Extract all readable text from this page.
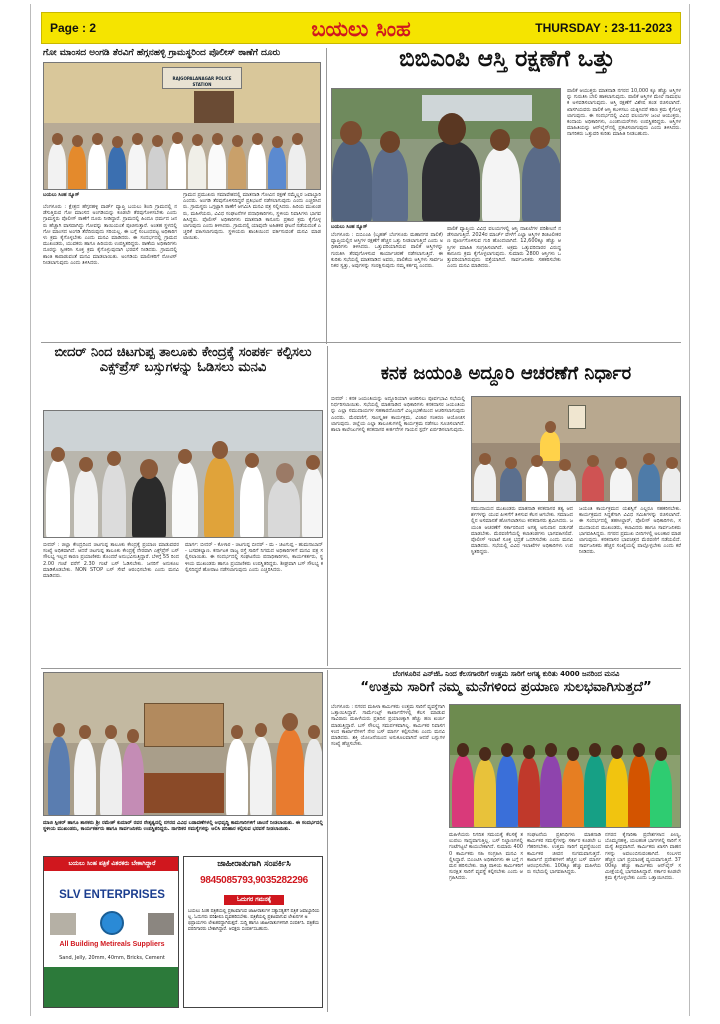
Page : 2	ಬಯಲು ಸಿಂಹ	THURSDAY : 23-11-2023
ಗೋ ಮಾಂಸದ ಅಂಗಡಿ ತೆರವಿಗೆ ಹೆಗ್ಗನಹಳ್ಳಿ ಗ್ರಾಮಸ್ಥರಿಂದ ಪೊಲೀಸ್ ಠಾಣೆಗೆ ದೂರು
RAJGOPALANAGAR POLICE STATION
ಬಯಲು ಸಿಂಹ ನ್ಯೂಸ್
ಬೆಂಗಳೂರು : ಕ್ಷೇತ್ರದ ಹೆಗ್ಗನಹಳ್ಳಿ ವಾರ್ಡ್ ವ್ಯಾಪ್ತಿ ಬಯಲು ಶಿಂದಿ ಗ್ರಾಮದಲ್ಲಿ ನಡೆಸುತ್ತಿರುವ ಗೋ ಮಾಂಸದ ಅಂಗಡಿಯನ್ನು ಕೂಡಲೇ ತೆರವುಗೊಳಿಸಬೇಕು ಎಂದು ಗ್ರಾಮಸ್ಥರು ಪೊಲೀಸ್ ಠಾಣೆಗೆ ದೂರು ನೀಡಿದ್ದಾರೆ. ಗ್ರಾಮದಲ್ಲಿ ಹಿಂದೂ ಧರ್ಮದ ಜನರು ಹೆಚ್ಚಾಗಿ ವಾಸವಾಗಿದ್ದು ಗೋವನ್ನು ತಾಯಿಯಂತೆ ಪೂಜಿಸುತ್ತಾರೆ. ಅಂತಹ ಸ್ಥಳದಲ್ಲಿ ಗೋ ಮಾಂಸದ ಅಂಗಡಿ ತೆರೆದಿರುವುದು ಸರಿಯಲ್ಲ. ಈ ಬಗ್ಗೆ ಸಂಬಂಧಪಟ್ಟ ಅಧಿಕಾರಿಗಳು ಕ್ರಮ ಕೈಗೊಳ್ಳಬೇಕು ಎಂದು ಮನವಿ ಮಾಡಿದರು. ಈ ಸಂದರ್ಭದಲ್ಲಿ ಗ್ರಾಮದ ಮುಖಂಡರು, ಯುವಕರು ಹಾಗೂ ಹಿರಿಯರು ಉಪಸ್ಥಿತರಿದ್ದರು. ಠಾಣೆಯ ಅಧಿಕಾರಿಗಳು ದೂರನ್ನು ಸ್ವೀಕರಿಸಿ ಸೂಕ್ತ ಕ್ರಮ ಕೈಗೊಳ್ಳುವುದಾಗಿ ಭರವಸೆ ನೀಡಿದರು. ಗ್ರಾಮದಲ್ಲಿ ಶಾಂತಿ ಕಾಪಾಡುವಂತೆ ಮನವಿ ಮಾಡಲಾಯಿತು. ಅಂಗಡಿಯ ಮಾಲೀಕರಿಗೆ ನೋಟಿಸ್ ನೀಡಲಾಗುವುದು ಎಂದು ತಿಳಿಸಿದರು.
ಗ್ರಾಮದ ಪ್ರಮುಖರು ಸಮಾವೇಶದಲ್ಲಿ ಮಾತನಾಡಿ ಗೋವಿನ ರಕ್ಷಣೆ ನಮ್ಮೆಲ್ಲರ ಜವಾಬ್ದಾರಿ ಎಂದರು. ಅಂಗಡಿ ತೆರವುಗೊಳಿಸದಿದ್ದರೆ ಪ್ರತಿಭಟನೆ ನಡೆಸಲಾಗುವುದು ಎಂದು ಎಚ್ಚರಿಸಿದರು. ಗ್ರಾಮಸ್ಥರು ಒಗ್ಗಟ್ಟಾಗಿ ಠಾಣೆಗೆ ಆಗಮಿಸಿ ಮನವಿ ಪತ್ರ ಸಲ್ಲಿಸಿದರು. ಹಿರಿಯ ಮುಖಂಡರು, ಮಹಿಳೆಯರು, ವಿವಿಧ ಸಂಘಟನೆಗಳ ಪದಾಧಿಕಾರಿಗಳು, ಸ್ಥಳೀಯ ನಿವಾಸಿಗಳು ಭಾಗವಹಿಸಿದ್ದರು. ಪೊಲೀಸ್ ಅಧಿಕಾರಿಗಳು ಮಾತನಾಡಿ ಕಾನೂನು ಪ್ರಕಾರ ಕ್ರಮ ಕೈಗೊಳ್ಳಲಾಗುವುದು ಎಂದು ತಿಳಿಸಿದರು. ಗ್ರಾಮದಲ್ಲಿ ಯಾವುದೇ ಅಹಿತಕರ ಘಟನೆ ನಡೆಯದಂತೆ ಎಚ್ಚರಿಕೆ ವಹಿಸಲಾಗುವುದು. ಸ್ಥಳೀಯರು ಶಾಂತಿಯಿಂದ ವರ್ತಿಸುವಂತೆ ಮನವಿ ಮಾಡಲಾಯಿತು.
ಬಿಬಿಎಂಪಿ ಆಸ್ತಿ ರಕ್ಷಣೆಗೆ ಒತ್ತು
ಬಯಲು ಸಿಂಹ ನ್ಯೂಸ್
ಬೆಂಗಳೂರು : ಬಿಬಿಎಂಪಿ (ಬೃಹತ್ ಬೆಂಗಳೂರು ಮಹಾನಗರ ಪಾಲಿಕೆ) ವ್ಯಾಪ್ತಿಯಲ್ಲಿನ ಆಸ್ತಿಗಳ ರಕ್ಷಣೆಗೆ ಹೆಚ್ಚಿನ ಒತ್ತು ನೀಡಲಾಗುತ್ತಿದೆ ಎಂದು ಅಧಿಕಾರಿಗಳು ತಿಳಿಸಿದರು. ಒತ್ತುವರಿಯಾಗಿರುವ ಪಾಲಿಕೆ ಆಸ್ತಿಗಳನ್ನು ಗುರುತಿಸಿ ತೆರವುಗೊಳಿಸುವ ಕಾರ್ಯಾಚರಣೆ ನಡೆಸಲಾಗುತ್ತಿದೆ. ಈ ಕುರಿತು ಸಭೆಯಲ್ಲಿ ಮಾತನಾಡಿದ ಅವರು, ಪಾಲಿಕೆಯ ಆಸ್ತಿಗಳು ಸಾರ್ವಜನಿಕರ ಸ್ವತ್ತು, ಅವುಗಳನ್ನು ಸಂರಕ್ಷಿಸುವುದು ನಮ್ಮ ಕರ್ತವ್ಯ ಎಂದರು.
ಪಾಲಿಕೆ ವ್ಯಾಪ್ತಿಯ ವಿವಿಧ ವಲಯಗಳಲ್ಲಿ ಆಸ್ತಿ ದಾಖಲೆಗಳ ಪರಿಶೀಲನೆ ನಡೆಸಲಾಗುತ್ತಿದೆ. 2024ರ ಮಾರ್ಚ್ ವೇಳೆಗೆ ಎಲ್ಲಾ ಆಸ್ತಿಗಳ ಡಿಜಿಟಲೀಕರಣ ಪೂರ್ಣಗೊಳಿಸುವ ಗುರಿ ಹೊಂದಲಾಗಿದೆ. 12,600ಕ್ಕೂ ಹೆಚ್ಚು ಆಸ್ತಿಗಳ ಮಾಹಿತಿ ಸಂಗ್ರಹಿಸಲಾಗಿದೆ. ಅಕ್ರಮ ಒತ್ತುವರಿದಾರರ ವಿರುದ್ಧ ಕಾನೂನು ಕ್ರಮ ಕೈಗೊಳ್ಳಲಾಗುವುದು. ಸುಮಾರು 2800 ಆಸ್ತಿಗಳು ಒತ್ತುವರಿಯಾಗಿರುವುದು ಪತ್ತೆಯಾಗಿದೆ. ಸಾರ್ವಜನಿಕರು ಸಹಕರಿಸಬೇಕು ಎಂದು ಮನವಿ ಮಾಡಿದರು.
ಪಾಲಿಕೆ ಆಯುಕ್ತರು ಮಾತನಾಡಿ ನಗರದ 10,000 ಕ್ಕೂ ಹೆಚ್ಚು ಆಸ್ತಿಗಳನ್ನು ಗುರುತಿಸಿ ಬೇಲಿ ಹಾಕಲಾಗುವುದು. ಪಾಲಿಕೆ ಆಸ್ತಿಗಳ ಮೇಲೆ ನಾಮಫಲಕ ಅಳವಡಿಸಲಾಗುವುದು. ಆಸ್ತಿ ರಕ್ಷಣೆಗೆ ವಿಶೇಷ ತಂಡ ರಚಿಸಲಾಗಿದೆ. ಖಾಸಗಿಯವರು ಪಾಲಿಕೆ ಆಸ್ತಿ ಕಬಳಿಸಲು ಯತ್ನಿಸಿದರೆ ಕಠಿಣ ಕ್ರಮ ಕೈಗೊಳ್ಳಲಾಗುವುದು. ಈ ಸಂದರ್ಭದಲ್ಲಿ ವಿವಿಧ ವಲಯಗಳ ಜಂಟಿ ಆಯುಕ್ತರು, ಕಂದಾಯ ಅಧಿಕಾರಿಗಳು, ಎಂಜಿನಿಯರ್‌ಗಳು ಉಪಸ್ಥಿತರಿದ್ದರು. ಆಸ್ತಿಗಳ ಮಾಹಿತಿಯನ್ನು ಆನ್‌ಲೈನ್‌ನಲ್ಲಿ ಪ್ರಕಟಿಸಲಾಗುವುದು ಎಂದು ತಿಳಿಸಿದರು. ನಾಗರಿಕರು ಒತ್ತುವರಿ ಕುರಿತು ಮಾಹಿತಿ ನೀಡಬಹುದು.
ಬೀದರ್ ನಿಂದ ಚಿಟಗುಪ್ಪ ತಾಲೂಕು ಕೇಂದ್ರಕ್ಕೆ ಸಂಪರ್ಕ ಕಲ್ಪಿಸಲು ಎಕ್ಸ್‌ಪ್ರೆಸ್ ಬಸ್ಸುಗಳನ್ನು ಓಡಿಸಲು ಮನವಿ
ಬೀದರ್ : ಜಿಲ್ಲಾ ಕೇಂದ್ರದಿಂದ ಚಿಟಗುಪ್ಪ ತಾಲೂಕು ಕೇಂದ್ರಕ್ಕೆ ಪ್ರಯಾಣ ಮಾಡುವವರ ಸಂಖ್ಯೆ ಅಧಿಕವಾಗಿದೆ. ಆದರೆ ಚಿಟಗುಪ್ಪ ತಾಲೂಕು ಕೇಂದ್ರಕ್ಕೆ ನೇರವಾಗಿ ಎಕ್ಸ್‌ಪ್ರೆಸ್ ಬಸ್ ಸೌಲಭ್ಯ ಇಲ್ಲದ ಕಾರಣ ಪ್ರಯಾಣಿಕರು ತೊಂದರೆ ಅನುಭವಿಸುತ್ತಿದ್ದಾರೆ. ಬೆಳಿಗ್ಗೆ 55 ರಿಂದ 2.00 ಗಂಟೆ ವರೆಗೆ 2.30 ಗಂಟೆ ಬಸ್ ಓಡಿಸಬೇಕು. ಜನರಿಗೆ ಅನುಕೂಲ ಮಾಡಿಕೊಡಬೇಕು. NON STOP ಬಸ್ ಸೇವೆ ಆರಂಭಿಸಬೇಕು ಎಂದು ಮನವಿ ಮಾಡಿದರು.
ಮಾರ್ಗ: ಬೀದರ್ - ಕೊಳಾರ - ಚಿಟಗುಪ್ಪ ಬೀದರ್ - ಮ - ಚಿಟಗುಪ್ಪ - ಹುಮನಾಬಾದ್ - ಬಸವಕಲ್ಯಾಣ. ಕರ್ನಾಟಕ ರಾಜ್ಯ ರಸ್ತೆ ಸಾರಿಗೆ ನಿಗಮದ ಅಧಿಕಾರಿಗಳಿಗೆ ಮನವಿ ಪತ್ರ ಸಲ್ಲಿಸಲಾಯಿತು. ಈ ಸಂದರ್ಭದಲ್ಲಿ ಸಂಘಟನೆಯ ಪದಾಧಿಕಾರಿಗಳು, ಕಾರ್ಯಕರ್ತರು, ಸ್ಥಳೀಯ ಮುಖಂಡರು ಹಾಗೂ ಪ್ರಯಾಣಿಕರು ಉಪಸ್ಥಿತರಿದ್ದರು. ಶೀಘ್ರವಾಗಿ ಬಸ್ ಸೌಲಭ್ಯ ಕಲ್ಪಿಸದಿದ್ದರೆ ಹೋರಾಟ ನಡೆಸಲಾಗುವುದು ಎಂದು ಎಚ್ಚರಿಸಿದರು.
ಕನಕ ಜಯಂತಿ ಅದ್ದೂರಿ ಆಚರಣೆಗೆ ನಿರ್ಧಾರ
ಬೀದರ್ : ಕನಕ ಜಯಂತಿಯನ್ನು ಅದ್ದೂರಿಯಾಗಿ ಆಚರಿಸಲು ಪೂರ್ವಭಾವಿ ಸಭೆಯಲ್ಲಿ ನಿರ್ಧರಿಸಲಾಯಿತು. ಸಭೆಯಲ್ಲಿ ಮಾತನಾಡಿದ ಅಧಿಕಾರಿಗಳು ಕನಕದಾಸರ ಜಯಂತಿಯನ್ನು ಎಲ್ಲಾ ಸಮುದಾಯಗಳ ಸಹಕಾರದೊಂದಿಗೆ ವಿಜೃಂಭಣೆಯಿಂದ ಆಚರಿಸಲಾಗುವುದು ಎಂದರು. ಮೆರವಣಿಗೆ, ಸಾಂಸ್ಕೃತಿಕ ಕಾರ್ಯಕ್ರಮ, ವಿಚಾರ ಸಂಕಿರಣ ಆಯೋಜಿಸಲಾಗುವುದು. ಜಿಲ್ಲೆಯ ಎಲ್ಲಾ ತಾಲೂಕುಗಳಲ್ಲಿ ಕಾರ್ಯಕ್ರಮ ನಡೆಸಲು ಸೂಚಿಸಲಾಗಿದೆ. ಶಾಲಾ ಕಾಲೇಜುಗಳಲ್ಲಿ ಕನಕದಾಸರ ಕೀರ್ತನೆಗಳ ಗಾಯನ ಸ್ಪರ್ಧೆ ಏರ್ಪಡಿಸಲಾಗುವುದು.
ಸಮುದಾಯದ ಮುಖಂಡರು ಮಾತನಾಡಿ ಕನಕದಾಸರ ತತ್ವ ಆದರ್ಶಗಳನ್ನು ಯುವ ಪೀಳಿಗೆಗೆ ತಿಳಿಸುವ ಕೆಲಸ ಆಗಬೇಕು. ಸಮಾಜದಲ್ಲಿನ ಅಸಮಾನತೆ ಹೋಗಲಾಡಿಸಲು ಕನಕದಾಸರು ಶ್ರಮಿಸಿದರು. ಜಯಂತಿ ಆಚರಣೆಗೆ ಸರ್ಕಾರದಿಂದ ಅಗತ್ಯ ಅನುದಾನ ಬಿಡುಗಡೆ ಮಾಡಬೇಕು. ಮೆರವಣಿಗೆಯಲ್ಲಿ ಕಲಾತಂಡಗಳು ಭಾಗವಹಿಸಲಿವೆ. ಪೊಲೀಸ್ ಇಲಾಖೆ ಸೂಕ್ತ ಭದ್ರತೆ ಒದಗಿಸಬೇಕು ಎಂದು ಮನವಿ ಮಾಡಿದರು. ಸಭೆಯಲ್ಲಿ ವಿವಿಧ ಇಲಾಖೆಗಳ ಅಧಿಕಾರಿಗಳು ಉಪಸ್ಥಿತರಿದ್ದರು.
ಜಯಂತಿ ಕಾರ್ಯಕ್ರಮದ ಯಶಸ್ಸಿಗೆ ಎಲ್ಲರೂ ಸಹಕರಿಸಬೇಕು. ಕಾರ್ಯಕ್ರಮದ ಸಿದ್ಧತೆಗಾಗಿ ವಿವಿಧ ಸಮಿತಿಗಳನ್ನು ರಚಿಸಲಾಗಿದೆ. ಈ ಸಂದರ್ಭದಲ್ಲಿ ತಹಸೀಲ್ದಾರ್, ಪೊಲೀಸ್ ಅಧಿಕಾರಿಗಳು, ಸಮುದಾಯದ ಮುಖಂಡರು, ಕಲಾವಿದರು ಹಾಗೂ ಸಾರ್ವಜನಿಕರು ಭಾಗವಹಿಸಿದ್ದರು. ನಗರದ ಪ್ರಮುಖ ಬೀದಿಗಳಲ್ಲಿ ಅಲಂಕಾರ ಮಾಡಲಾಗುವುದು. ಕನಕದಾಸರ ಭಾವಚಿತ್ರದ ಮೆರವಣಿಗೆ ನಡೆಯಲಿದೆ. ಸಾರ್ವಜನಿಕರು ಹೆಚ್ಚಿನ ಸಂಖ್ಯೆಯಲ್ಲಿ ಪಾಲ್ಗೊಳ್ಳಬೇಕು ಎಂದು ಕರೆ ನೀಡಿದರು.
ಮಾಜಿ ಸ್ಪೀಕರ್ ಹಾಗೂ ಶಾಸಕರು ಶ್ರೀ ರಮೇಶ್ ಕುಮಾರ್ ರವರ ನೇತೃತ್ವದಲ್ಲಿ ನಗರದ ವಿವಿಧ ಬಡಾವಣೆಗಳಲ್ಲಿ ಅಭಿವೃದ್ಧಿ ಕಾಮಗಾರಿಗಳಿಗೆ ಚಾಲನೆ ನೀಡಲಾಯಿತು. ಈ ಸಂದರ್ಭದಲ್ಲಿ ಸ್ಥಳೀಯ ಮುಖಂಡರು, ಕಾರ್ಯಕರ್ತರು ಹಾಗೂ ಸಾರ್ವಜನಿಕರು ಉಪಸ್ಥಿತರಿದ್ದರು. ನಾಗರಿಕರ ಸಮಸ್ಯೆಗಳನ್ನು ಆಲಿಸಿ ಪರಿಹಾರ ಕಲ್ಪಿಸುವ ಭರವಸೆ ನೀಡಲಾಯಿತು.
ಬೆಂಗಳೂರಿನ ಎನ್‌ಜಿಓ ನಿಂದ ಕೆಲಸಗಾರರಿಗೆ ಉತ್ತಮ ಸಾರಿಗೆ ಅಗತ್ಯ ಕುರಿತು 4000 ಜನರಿಂದ ಮನವಿ
“ಉತ್ತಮ ಸಾರಿಗೆ ನಮ್ಮ ಮನೆಗಳಿಂದ ಪ್ರಯಾಣ ಸುಲಭವಾಗಿಸುತ್ತದೆ”
ಬೆಂಗಳೂರು : ನಗರದ ಮಹಿಳಾ ಕಾರ್ಮಿಕರು ಉತ್ತಮ ಸಾರಿಗೆ ವ್ಯವಸ್ಥೆಗಾಗಿ ಒತ್ತಾಯಿಸಿದ್ದಾರೆ. ಗಾರ್ಮೆಂಟ್ಸ್ ಕಾರ್ಖಾನೆಗಳಲ್ಲಿ ಕೆಲಸ ಮಾಡುವ ಸಾವಿರಾರು ಮಹಿಳೆಯರು ಪ್ರತಿದಿನ ಪ್ರಯಾಣಕ್ಕಾಗಿ ಹೆಚ್ಚು ಹಣ ಖರ್ಚು ಮಾಡುತ್ತಿದ್ದಾರೆ. ಬಸ್ ಸೌಲಭ್ಯ ಸಮರ್ಪಕವಾಗಿಲ್ಲ. ಕಾರ್ಮಿಕರ ನಿವಾಸಗಳಿಂದ ಕಾರ್ಖಾನೆಗಳಿಗೆ ನೇರ ಬಸ್ ಮಾರ್ಗ ಕಲ್ಪಿಸಬೇಕು ಎಂದು ಮನವಿ ಮಾಡಿದರು. ಶಕ್ತಿ ಯೋಜನೆಯಿಂದ ಅನುಕೂಲವಾಗಿದೆ ಆದರೆ ಬಸ್ಸುಗಳ ಸಂಖ್ಯೆ ಹೆಚ್ಚಿಸಬೇಕು.
ಮಹಿಳೆಯರು ನಿಗದಿತ ಸಮಯಕ್ಕೆ ಕೆಲಸಕ್ಕೆ ತಲುಪಲು ಸಾಧ್ಯವಾಗುತ್ತಿಲ್ಲ. ಬಸ್ ನಿಲ್ದಾಣಗಳಲ್ಲಿ ಗಂಟೆಗಟ್ಟಲೆ ಕಾಯಬೇಕಾಗಿದೆ. ಸುಮಾರು 4000 ಕಾರ್ಮಿಕರು ಸಹಿ ಸಂಗ್ರಹಿಸಿ ಮನವಿ ಸಲ್ಲಿಸಿದ್ದಾರೆ. ಬಿಎಂಟಿಸಿ ಅಧಿಕಾರಿಗಳು ಈ ಬಗ್ಗೆ ಗಮನ ಹರಿಸಬೇಕು. ರಾತ್ರಿ ಪಾಳಿಯ ಕಾರ್ಮಿಕರಿಗೆ ಸುರಕ್ಷಿತ ಸಾರಿಗೆ ವ್ಯವಸ್ಥೆ ಕಲ್ಪಿಸಬೇಕು ಎಂದು ಆಗ್ರಹಿಸಿದರು.
ಸಂಘಟನೆಯ ಪ್ರತಿನಿಧಿಗಳು ಮಾತನಾಡಿ ಕಾರ್ಮಿಕರ ಸಮಸ್ಯೆಗಳನ್ನು ಸರ್ಕಾರ ಕೂಡಲೇ ಬಗೆಹರಿಸಬೇಕು. ಉತ್ತಮ ಸಾರಿಗೆ ವ್ಯವಸ್ಥೆಯಿಂದ ಕಾರ್ಮಿಕರ ಜೀವನ ಸುಗಮವಾಗುತ್ತದೆ. ಕಾರ್ಖಾನೆ ಪ್ರದೇಶಗಳಿಗೆ ಹೆಚ್ಚಿನ ಬಸ್ ಮಾರ್ಗ ಆರಂಭಿಸಬೇಕು. 100ಕ್ಕೂ ಹೆಚ್ಚು ಮಹಿಳೆಯರು ಸಭೆಯಲ್ಲಿ ಭಾಗವಹಿಸಿದ್ದರು.
ನಗರದ ಕೈಗಾರಿಕಾ ಪ್ರದೇಶಗಳಾದ ಪೀಣ್ಯ, ಬೊಮ್ಮನಹಳ್ಳಿ, ಯಲಹಂಕ ಭಾಗಗಳಲ್ಲಿ ಸಾರಿಗೆ ಸಮಸ್ಯೆ ತೀವ್ರವಾಗಿದೆ. ಕಾರ್ಮಿಕರು ಖಾಸಗಿ ವಾಹನಗಳನ್ನು ಅವಲಂಬಿಸುವಂತಾಗಿದೆ. ಸಂಬಳದ ಹೆಚ್ಚಿನ ಭಾಗ ಪ್ರಯಾಣಕ್ಕೆ ವ್ಯಯವಾಗುತ್ತಿದೆ. 3700ಕ್ಕೂ ಹೆಚ್ಚು ಕಾರ್ಮಿಕರು ಆನ್‌ಲೈನ್ ಸಮೀಕ್ಷೆಯಲ್ಲಿ ಭಾಗವಹಿಸಿದ್ದಾರೆ. ಸರ್ಕಾರ ಕೂಡಲೇ ಕ್ರಮ ಕೈಗೊಳ್ಳಬೇಕು ಎಂದು ಒತ್ತಾಯಿಸಿದರು.
ಬಯಲು ಸಿಂಹ ಪತ್ರಿಕೆ ವಿತರಕರು ಬೇಕಾಗಿದ್ದಾರೆ
SLV ENTERPRISES
All Building Metireals Suppliers
Sand, Jelly, 20mm, 40mm, Bricks, Cement
ಜಾಹೀರಾತುಗಾಗಿ ಸಂಪರ್ಕಿಸಿ
9845085793,9035282296
ಓದುಗರ ಗಮನಕ್ಕೆ
ಬಯಲು ಸಿಂಹ ಪತ್ರಿಕೆಯಲ್ಲಿ ಪ್ರಕಟವಾಗುವ ಜಾಹೀರಾತುಗಳ ಸತ್ಯಾಸತ್ಯತೆಗೆ ಪತ್ರಿಕೆ ಜವಾಬ್ದಾರಿಯಲ್ಲ. ಓದುಗರು ಪರಿಶೀಲಿಸಿ ವ್ಯವಹರಿಸಬೇಕು. ಪತ್ರಿಕೆಯಲ್ಲಿ ಪ್ರಕಟವಾಗುವ ಲೇಖನಗಳ ಅಭಿಪ್ರಾಯಗಳು ಲೇಖಕರದ್ದಾಗಿರುತ್ತದೆ. ಸುದ್ದಿ ಹಾಗೂ ಜಾಹೀರಾತುಗಳಿಗಾಗಿ ಸಂಪರ್ಕಿಸಿ. ಪತ್ರಿಕೆಯ ವರದಿಗಾರರು ಬೇಕಾಗಿದ್ದಾರೆ. ಆಸಕ್ತರು ಸಂಪರ್ಕಿಸಬಹುದು.
